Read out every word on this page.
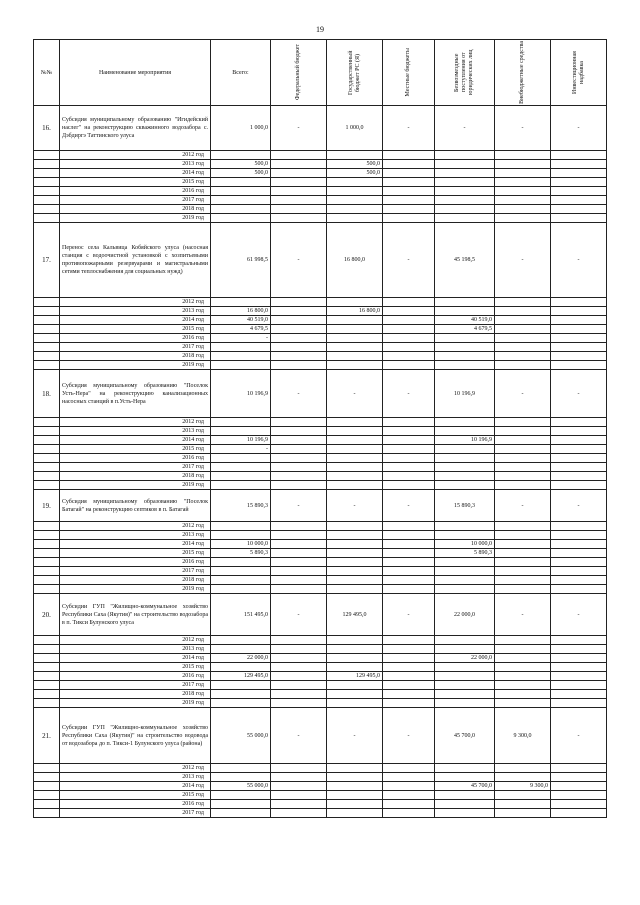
19
№№	Наименование мероприятия	Всего:	Федеральный бюджет	Государственный бюджет РС (Я)	Местные бюджеты	Безвозмездные поступления от юридических лиц	Внебюджетные средства	Инвестиционная надбавка

16.	Субсидия муниципальному образованию "Игидейский наслег" на реконструкцию скважинного водозабора с. Дэбдиргэ Таттинского улуса	1 000,0	-	1 000,0	-	-	-	-
	2012 год							
	2013 год	500,0		500,0				
	2014 год	500,0		500,0				
	2015 год							
	2016 год							
	2017 год							
	2018 год							
	2019 год							
17.	Перенос села Кальвица Кобяйского улуса (насосная станция с водоочистной установкой с хозпитьевыми противопожарными резервуарами и магистральными сетями теплоснабжения для социальных нужд)	61 998,5	-	16 800,0	-	45 198,5	-	-
	2012 год							
	2013 год	16 800,0		16 800,0				
	2014 год	40 519,0				40 519,0		
	2015 год	4 679,5				4 679,5		
	2016 год	-						
	2017 год							
	2018 год							
	2019 год							
18.	Субсидия муниципальному образованию "Поселок Усть-Нера" на реконструкцию канализационных насосных станций в п.Усть-Нера	10 196,9	-	-	-	10 196,9	-	-
	2012 год							
	2013 год							
	2014 год	10 196,9				10 196,9		
	2015 год	-						
	2016 год							
	2017 год							
	2018 год							
	2019 год							
19.	Субсидия муниципальному образованию "Поселок Батагай" на реконструкцию септиков в п. Батагай	15 890,3	-	-	-	15 890,3	-	-
	2012 год							
	2013 год							
	2014 год	10 000,0				10 000,0		
	2015 год	5 890,3				5 890,3		
	2016 год							
	2017 год							
	2018 год							
	2019 год							
20.	Субсидии ГУП "Жилищно-коммунальное хозяйство Республики Саха (Якутия)" на строительство водозабора в п. Тикси Булунского улуса	151 495,0	-	129 495,0	-	22 000,0	-	-
	2012 год							
	2013 год							
	2014 год	22 000,0				22 000,0		
	2015 год							
	2016 год	129 495,0		129 495,0				
	2017 год							
	2018 год							
	2019 год							
21.	Субсидии ГУП "Жилищно-коммунальное хозяйство Республики Саха (Якутия)" на строительство водовода от водозабора до п. Тикси-1 Булунского улуса (района)	55 000,0	-	-	-	45 700,0	9 300,0	-
	2012 год							
	2013 год							
	2014 год	55 000,0				45 700,0	9 300,0	
	2015 год							
	2016 год							
	2017 год							
